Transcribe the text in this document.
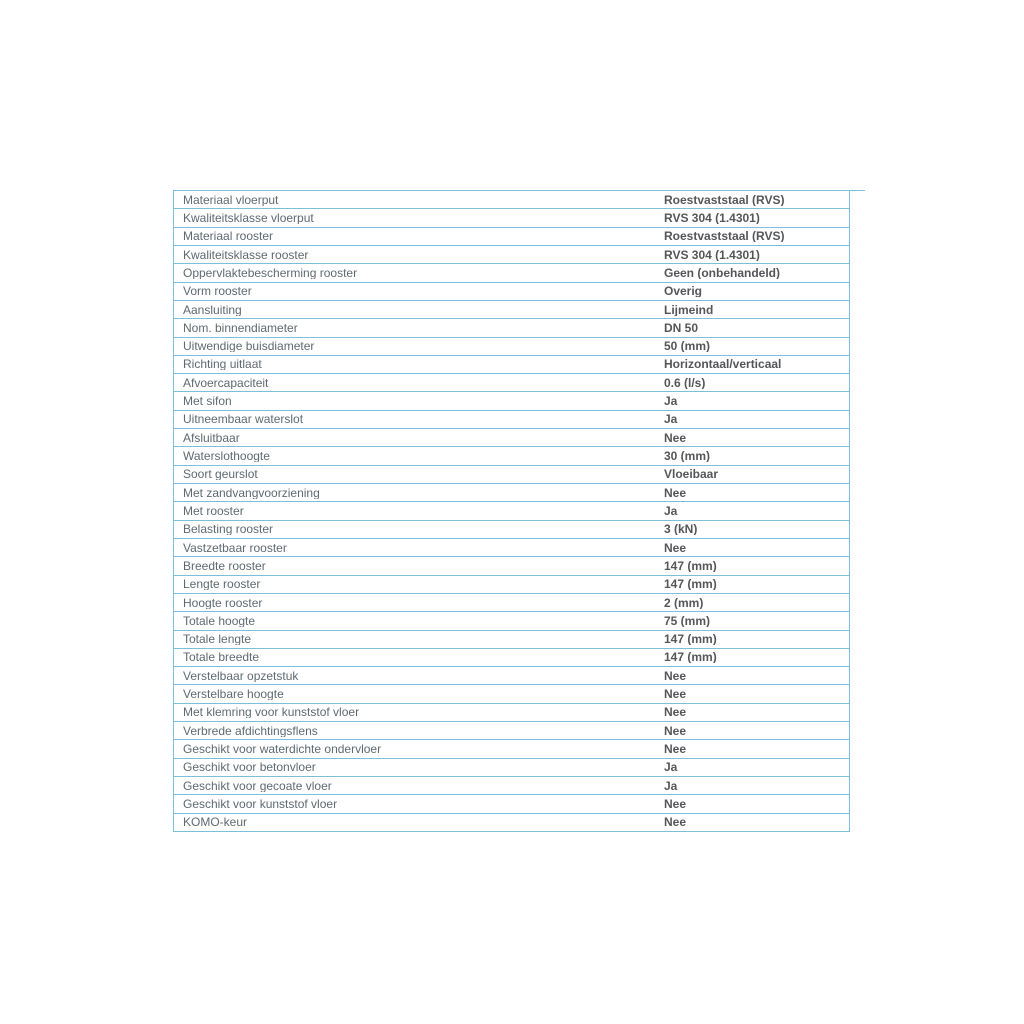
Materiaal vloerput	Roestvaststaal (RVS)
Kwaliteitsklasse vloerput	RVS 304 (1.4301)
Materiaal rooster	Roestvaststaal (RVS)
Kwaliteitsklasse rooster	RVS 304 (1.4301)
Oppervlaktebescherming rooster	Geen (onbehandeld)
Vorm rooster	Overig
Aansluiting	Lijmeind
Nom. binnendiameter	DN 50
Uitwendige buisdiameter	50 (mm)
Richting uitlaat	Horizontaal/verticaal
Afvoercapaciteit	0.6 (l/s)
Met sifon	Ja
Uitneembaar waterslot	Ja
Afsluitbaar	Nee
Waterslothoogte	30 (mm)
Soort geurslot	Vloeibaar
Met zandvangvoorziening	Nee
Met rooster	Ja
Belasting rooster	3 (kN)
Vastzetbaar rooster	Nee
Breedte rooster	147 (mm)
Lengte rooster	147 (mm)
Hoogte rooster	2 (mm)
Totale hoogte	75 (mm)
Totale lengte	147 (mm)
Totale breedte	147 (mm)
Verstelbaar opzetstuk	Nee
Verstelbare hoogte	Nee
Met klemring voor kunststof vloer	Nee
Verbrede afdichtingsflens	Nee
Geschikt voor waterdichte ondervloer	Nee
Geschikt voor betonvloer	Ja
Geschikt voor gecoate vloer	Ja
Geschikt voor kunststof vloer	Nee
KOMO-keur	Nee
